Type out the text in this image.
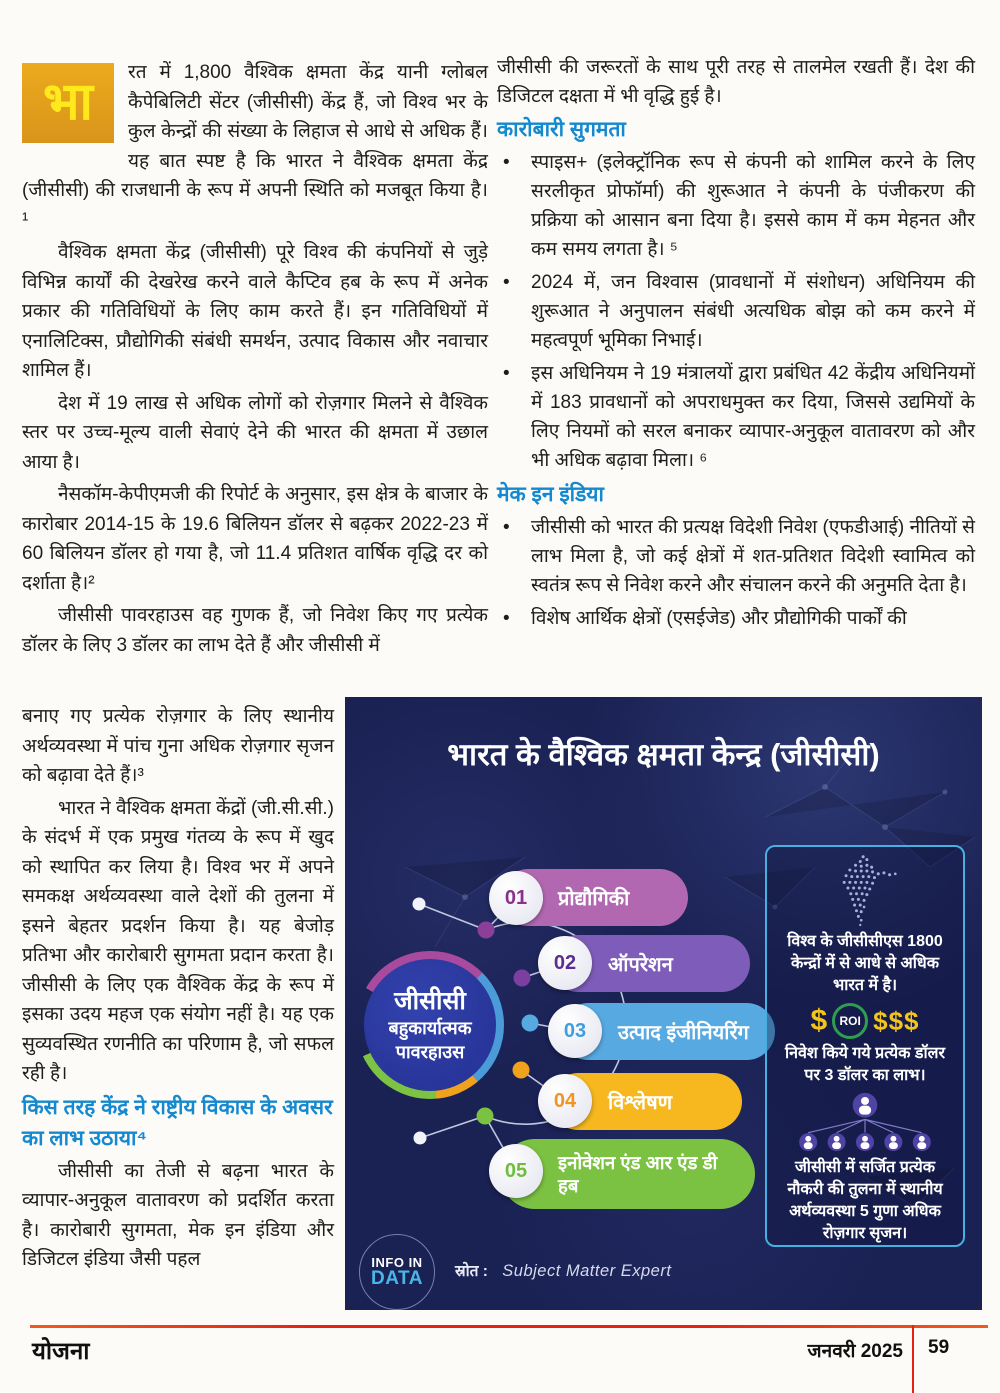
भा
रत में 1,800 वैश्विक क्षमता केंद्र यानी ग्लोबल कैपेबिलिटी सेंटर (जीसीसी) केंद्र हैं, जो विश्व भर के कुल केन्द्रों की संख्या के लिहाज से आधे से अधिक हैं। यह बात स्पष्ट है कि भारत ने वैश्विक क्षमता केंद्र (जीसीसी) की राजधानी के रूप में अपनी स्थिति को मजबूत किया है। ¹

वैश्विक क्षमता केंद्र (जीसीसी) पूरे विश्व की कंपनियों से जुड़े विभिन्न कार्यों की देखरेख करने वाले कैप्टिव हब के रूप में अनेक प्रकार की गतिविधियों के लिए काम करते हैं। इन गतिविधियों में एनालिटिक्स, प्रौद्योगिकी संबंधी समर्थन, उत्पाद विकास और नवाचार शामिल हैं।

देश में 19 लाख से अधिक लोगों को रोज़गार मिलने से वैश्विक स्तर पर उच्च-मूल्य वाली सेवाएं देने की भारत की क्षमता में उछाल आया है।

नैसकॉम-केपीएमजी की रिपोर्ट के अनुसार, इस क्षेत्र के बाजार के कारोबार 2014-15 के 19.6 बिलियन डॉलर से बढ़कर 2022-23 में 60 बिलियन डॉलर हो गया है, जो 11.4 प्रतिशत वार्षिक वृद्धि दर को दर्शाता है।²

जीसीसी पावरहाउस वह गुणक हैं, जो निवेश किए गए प्रत्येक डॉलर के लिए 3 डॉलर का लाभ देते हैं और जीसीसी में

बनाए गए प्रत्येक रोज़गार के लिए स्थानीय अर्थव्यवस्था में पांच गुना अधिक रोज़गार सृजन को बढ़ावा देते हैं।³

भारत ने वैश्विक क्षमता केंद्रों (जी.सी.सी.) के संदर्भ में एक प्रमुख गंतव्य के रूप में खुद को स्थापित कर लिया है। विश्व भर में अपने समकक्ष अर्थव्यवस्था वाले देशों की तुलना में इसने बेहतर प्रदर्शन किया है। यह बेजोड़ प्रतिभा और कारोबारी सुगमता प्रदान करता है। जीसीसी के लिए एक वैश्विक केंद्र के रूप में इसका उदय महज एक संयोग नहीं है। यह एक सुव्यवस्थित रणनीति का परिणाम है, जो सफल रही है।

किस तरह केंद्र ने राष्ट्रीय विकास के अवसर का लाभ उठाया⁴

जीसीसी का तेजी से बढ़ना भारत के व्यापार-अनुकूल वातावरण को प्रदर्शित करता है। कारोबारी सुगमता, मेक इन इंडिया और डिजिटल इंडिया जैसी पहल

जीसीसी की जरूरतों के साथ पूरी तरह से तालमेल रखती हैं। देश की डिजिटल दक्षता में भी वृद्धि हुई है।

कारोबारी सुगमता

•	स्पाइस+ (इलेक्ट्रॉनिक रूप से कंपनी को शामिल करने के लिए सरलीकृत प्रोफॉर्मा) की शुरूआत ने कंपनी के पंजीकरण की प्रक्रिया को आसान बना दिया है। इससे काम में कम मेहनत और कम समय लगता है। ⁵
•	2024 में, जन विश्वास (प्रावधानों में संशोधन) अधिनियम की शुरूआत ने अनुपालन संबंधी अत्यधिक बोझ को कम करने में महत्वपूर्ण भूमिका निभाई।
•	इस अधिनियम ने 19 मंत्रालयों द्वारा प्रबंधित 42 केंद्रीय अधिनियमों में 183 प्रावधानों को अपराधमुक्त कर दिया, जिससे उद्यमियों के लिए नियमों को सरल बनाकर व्यापार-अनुकूल वातावरण को और भी अधिक बढ़ावा मिला। ⁶

मेक इन इंडिया

•	जीसीसी को भारत की प्रत्यक्ष विदेशी निवेश (एफडीआई) नीतियों से लाभ मिला है, जो कई क्षेत्रों में शत-प्रतिशत विदेशी स्वामित्व को स्वतंत्र रूप से निवेश करने और संचालन करने की अनुमति देता है।
•	विशेष आर्थिक क्षेत्रों (एसईजेड) और प्रौद्योगिकी पार्कों की
भारत के वैश्विक क्षमता केन्द्र (जीसीसी)
जीसीसी
बहुकार्यात्मक
पावरहाउस
प्रोद्यौगिकी
01
ऑपरेशन
02
उत्पाद इंजीनियरिंग
03
विश्लेषण
04
इनोवेशन एंड आर एंड डी हब
05
विश्व के जीसीसीएस 1800 केन्द्रों में से आधे से अधिक भारत में है।
$	ROI $$$
निवेश किये गये प्रत्येक डॉलर पर 3 डॉलर का लाभ।
जीसीसी में सर्जित प्रत्येक नौकरी की तुलना में स्थानीय अर्थव्यवस्था 5 गुणा अधिक रोज़गार सृजन।
INFO IN
DATA स्रोत : Subject Matter Expert
योजना	जनवरी 2025 59
